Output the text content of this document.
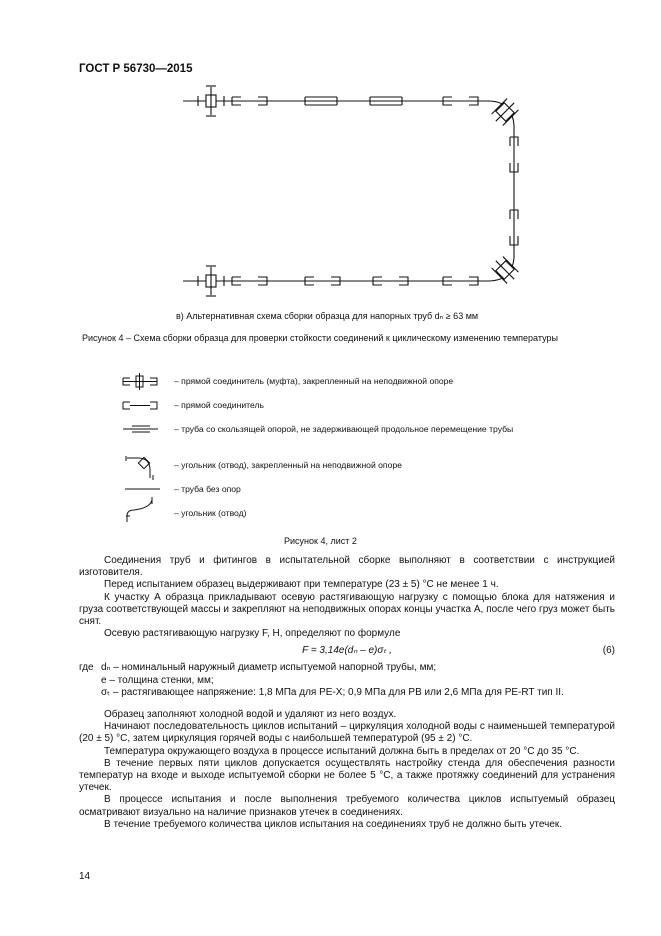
ГОСТ Р 56730—2015
в) Альтернативная схема сборки образца для напорных труб dₙ ≥ 63 мм
Рисунок 4 – Схема сборки образца для проверки стойкости соединений к циклическому изменению температуры
– прямой соединитель (муфта), закрепленный на неподвижной опоре
– прямой соединитель
– труба со скользящей опорой, не задерживающей продольное перемещение трубы
– угольник (отвод), закрепленный на неподвижной опоре
– труба без опор
– угольник (отвод)
Рисунок 4, лист 2

Соединения труб и фитингов в испытательной сборке выполняют в соответствии с инструкцией изготовителя.

Перед испытанием образец выдерживают при температуре (23 ± 5) °С не менее 1 ч.

К участку А образца прикладывают осевую растягивающую нагрузку с помощью блока для натяжения и груза соответствующей массы и закрепляют на неподвижных опорах концы участка А, после чего груз может быть снят.

Осевую растягивающую нагрузку F, Н, определяют по формуле

F = 3,14e(dₙ – e)σₜ ,	(6)
где dₙ – номинальный наружный диаметр испытуемой напорной трубы, мм;

e – толщина стенки, мм;

σₜ – растягивающее напряжение: 1,8 МПа для PE-X; 0,9 МПа для PB или 2,6 МПа для PE-RT тип II.

Образец заполняют холодной водой и удаляют из него воздух.

Начинают последовательность циклов испытаний – циркуляция холодной воды с наименьшей температурой (20 ± 5) °С, затем циркуляция горячей воды с наибольшей температурой (95 ± 2) °С.

Температура окружающего воздуха в процессе испытаний должна быть в пределах от 20 °С до 35 °С.

В течение первых пяти циклов допускается осуществлять настройку стенда для обеспечения разности температур на входе и выходе испытуемой сборки не более 5 °С, а также протяжку соединений для устранения утечек.

В процессе испытания и после выполнения требуемого количества циклов испытуемый образец осматривают визуально на наличие признаков утечек в соединениях.

В течение требуемого количества циклов испытания на соединениях труб не должно быть утечек.

14
